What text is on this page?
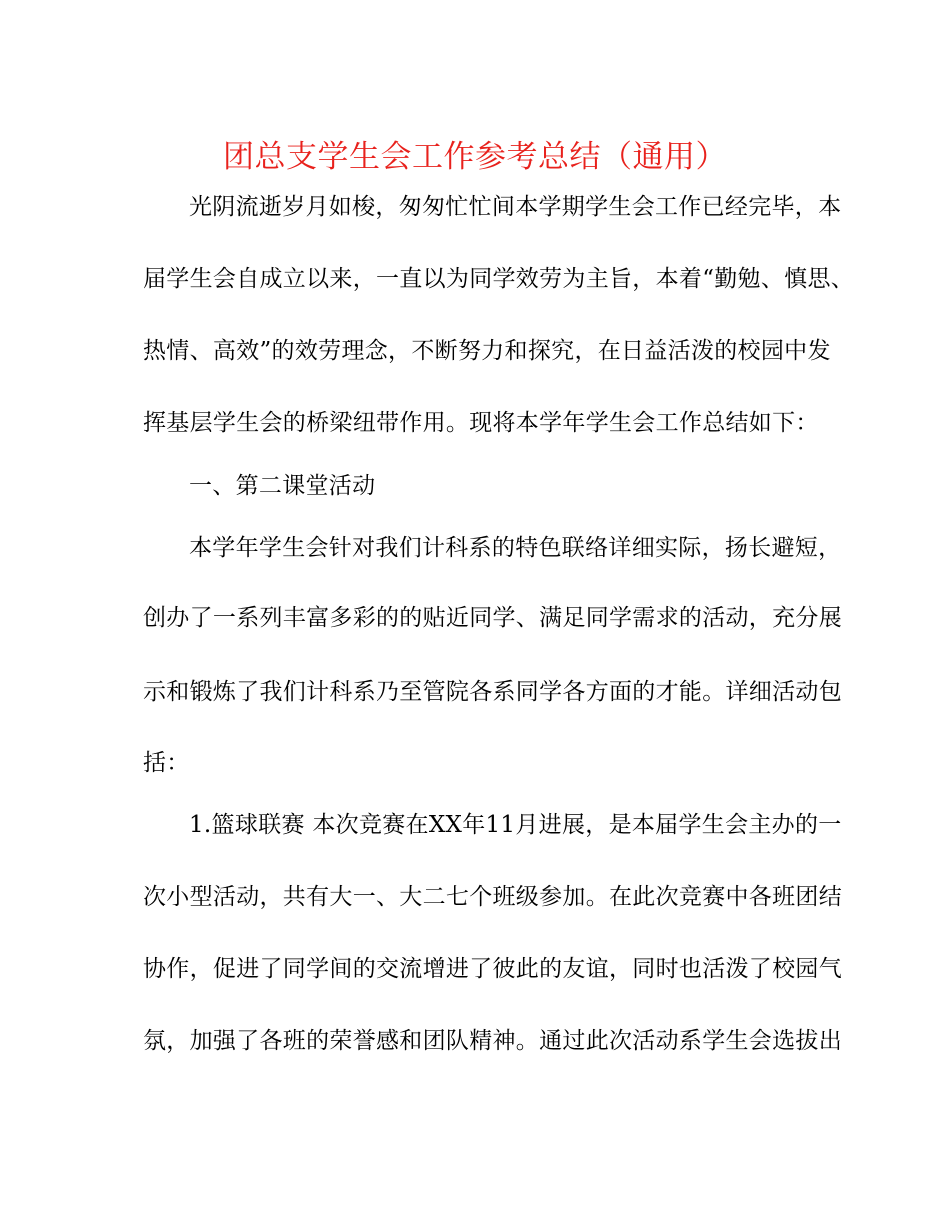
团总支学生会工作参考总结（通用）
光阴流逝岁月如梭，匆匆忙忙间本学期学生会工作已经完毕，本
届学生会自成立以来，一直以为同学效劳为主旨，本着“勤勉、慎思、
热情、高效”的效劳理念，不断努力和探究，在日益活泼的校园中发
挥基层学生会的桥梁纽带作用。现将本学年学生会工作总结如下：
一、第二课堂活动
本学年学生会针对我们计科系的特色联络详细实际，扬长避短，
创办了一系列丰富多彩的的贴近同学、满足同学需求的活动，充分展
示和锻炼了我们计科系乃至管院各系同学各方面的才能。详细活动包
括：
1.篮球联赛 本次竞赛在XX年11月进展，是本届学生会主办的一
次小型活动，共有大一、大二七个班级参加。在此次竞赛中各班团结
协作，促进了同学间的交流增进了彼此的友谊，同时也活泼了校园气
氛，加强了各班的荣誉感和团队精神。通过此次活动系学生会选拔出
